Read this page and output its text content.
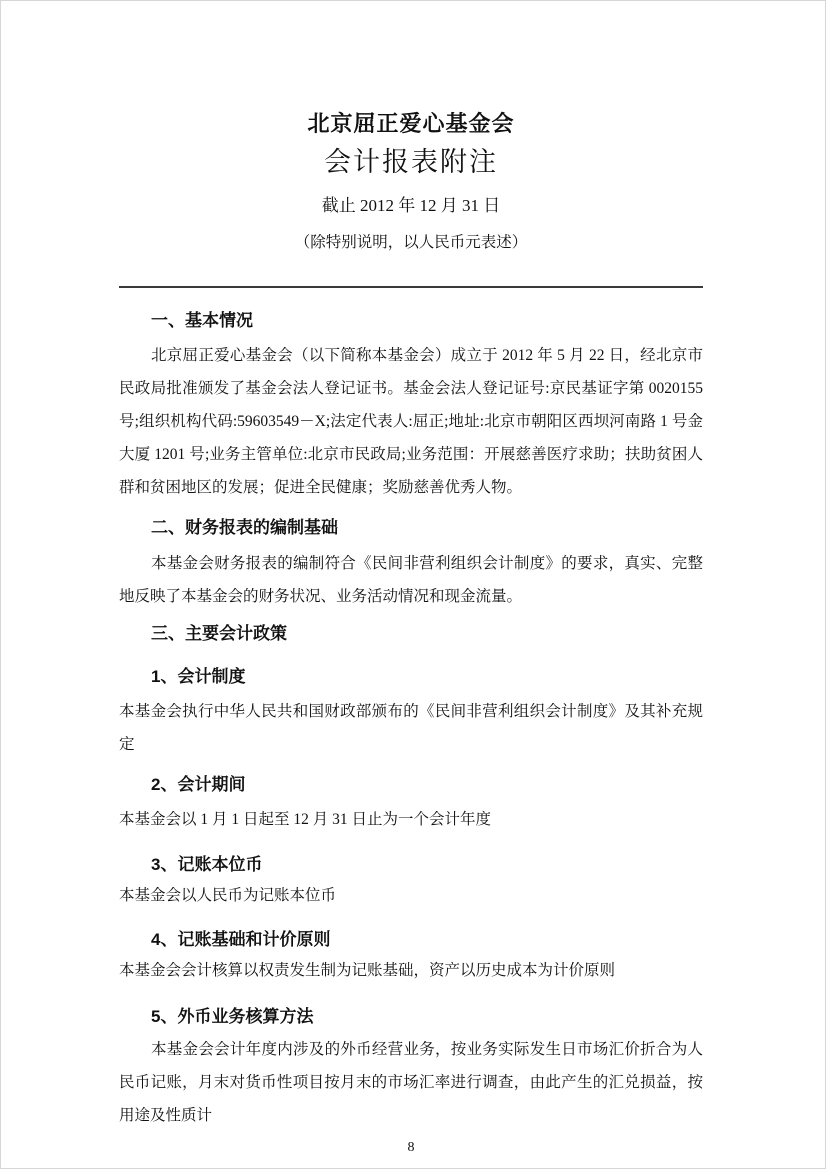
北京屈正爱心基金会
会计报表附注

截止 2012 年 12 月 31 日

（除特别说明，以人民币元表述）

一、基本情况

北京屈正爱心基金会（以下简称本基金会）成立于 2012 年 5 月 22 日，经北京市民政局批准颁发了基金会法人登记证书。基金会法人登记证号:京民基证字第 0020155 号;组织机构代码:59603549－X;法定代表人:屈正;地址:北京市朝阳区西坝河南路 1 号金大厦 1201 号;业务主管单位:北京市民政局;业务范围：开展慈善医疗求助；扶助贫困人群和贫困地区的发展；促进全民健康；奖励慈善优秀人物。

二、财务报表的编制基础

本基金会财务报表的编制符合《民间非营利组织会计制度》的要求，真实、完整地反映了本基金会的财务状况、业务活动情况和现金流量。

三、主要会计政策
1、会计制度

本基金会执行中华人民共和国财政部颁布的《民间非营利组织会计制度》及其补充规定

2、会计期间

本基金会以 1 月 1 日起至 12 月 31 日止为一个会计年度

3、记账本位币

本基金会以人民币为记账本位币

4、记账基础和计价原则

本基金会会计核算以权责发生制为记账基础，资产以历史成本为计价原则

5、外币业务核算方法

本基金会会计年度内涉及的外币经营业务，按业务实际发生日市场汇价折合为人民币记账，月末对货币性项目按月末的市场汇率进行调查，由此产生的汇兑损益，按用途及性质计

8
